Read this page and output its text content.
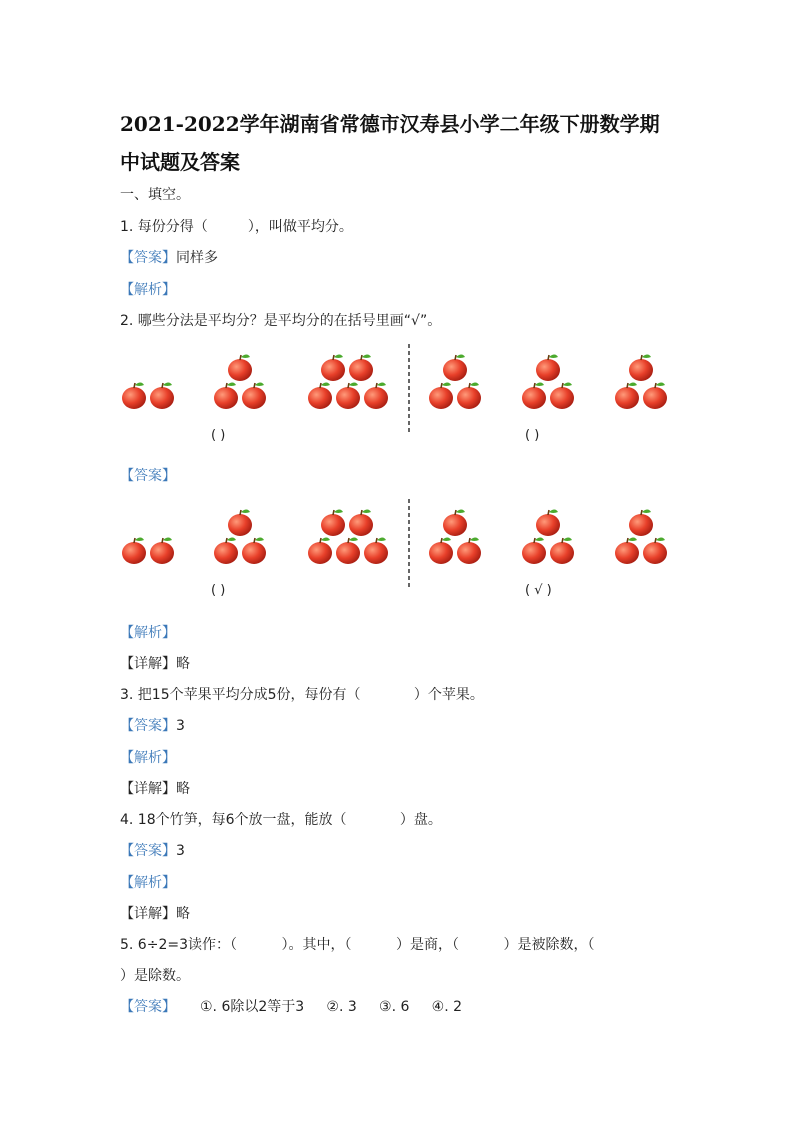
2021-2022学年湖南省常德市汉寿县小学二年级下册数学期
中试题及答案
一、填空。
1. 每份分得（         ），叫做平均分。
【答案】同样多
【解析】
2. 哪些分法是平均分？是平均分的在括号里画“√”。
【答案】
【解析】
【详解】略
3. 把15个苹果平均分成5份，每份有（            ）个苹果。
【答案】3
【解析】
【详解】略
4. 18个竹笋，每6个放一盘，能放（            ）盘。
【答案】3
【解析】
【详解】略
5. 6÷2=3读作：（          ）。其中，（          ）是商，（          ）是被除数，（
）是除数。
【答案】 ①. 6除以2等于3     ②. 3     ③. 6     ④. 2
( )	( )
( )	( √ )
